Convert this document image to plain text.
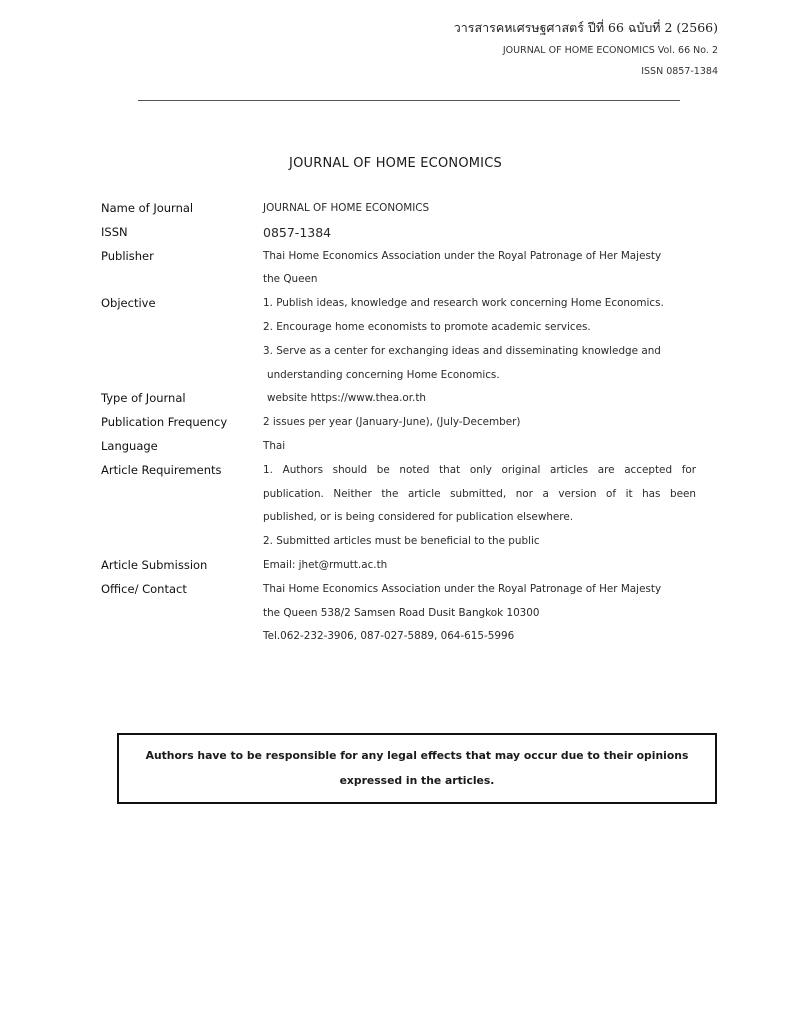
วารสารคหเศรษฐศาสตร์ ปีที่ 66 ฉบับที่ 2 (2566)
JOURNAL OF HOME ECONOMICS Vol. 66 No. 2
ISSN 0857-1384
JOURNAL OF HOME ECONOMICS
Name of Journal	JOURNAL OF HOME ECONOMICS
ISSN	0857-1384
Publisher	Thai Home Economics Association under the Royal Patronage of Her Majesty
the Queen
Objective	1. Publish ideas, knowledge and research work concerning Home Economics.
2. Encourage home economists to promote academic services.
3. Serve as a center for exchanging ideas and disseminating knowledge and
understanding concerning Home Economics.
Type of Journal	website https://www.thea.or.th
Publication Frequency	2 issues per year (January-June), (July-December)
Language	Thai
Article Requirements	1. Authors should be noted that only original articles are accepted for
publication. Neither the article submitted, nor a version of it has been
published, or is being considered for publication elsewhere.
2. Submitted articles must be beneficial to the public
Article Submission	Email: jhet@rmutt.ac.th
Office/ Contact	Thai Home Economics Association under the Royal Patronage of Her Majesty
the Queen 538/2 Samsen Road Dusit Bangkok 10300
Tel.062-232-3906, 087-027-5889, 064-615-5996
Authors have to be responsible for any legal effects that may occur due to their opinions
expressed in the articles.
